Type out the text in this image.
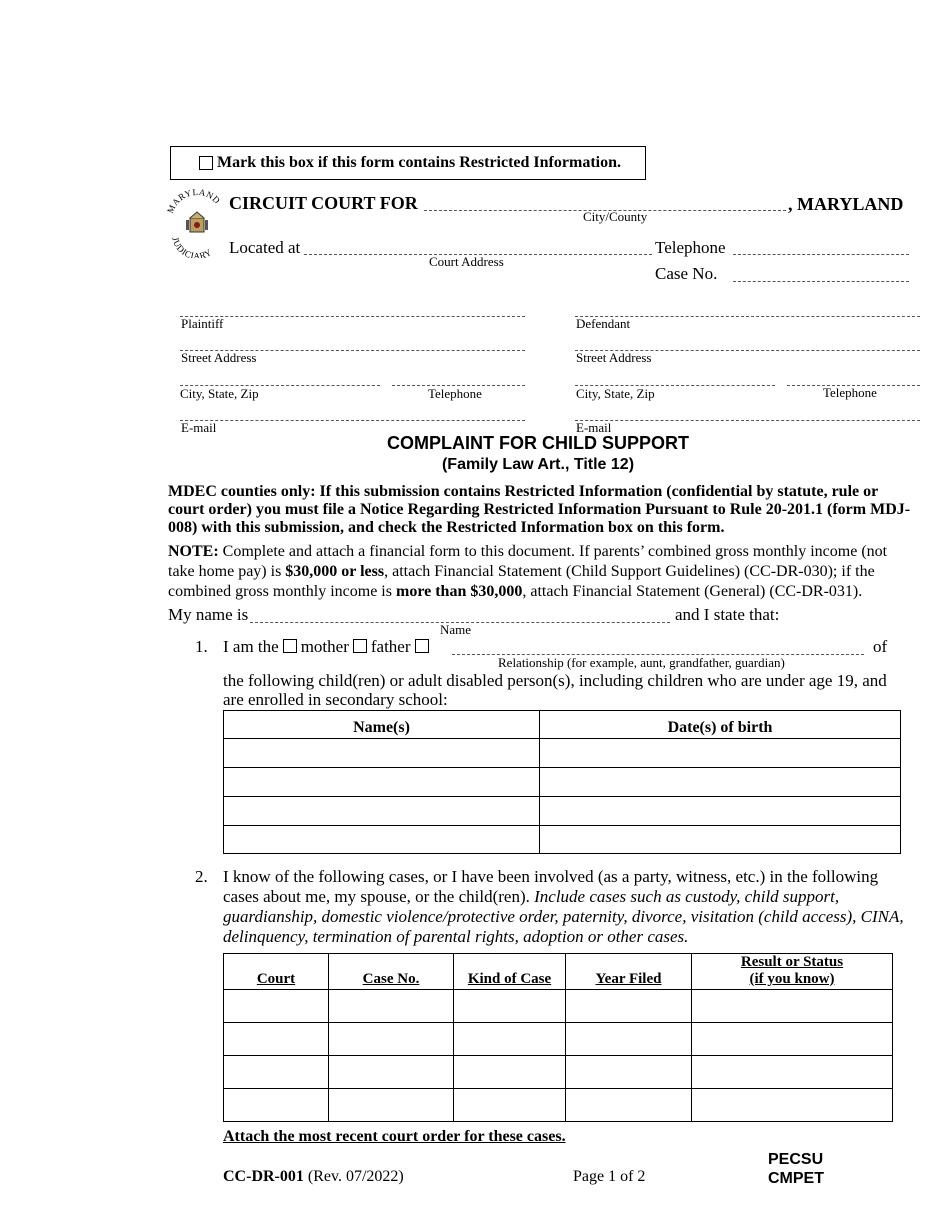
Mark this box if this form contains Restricted Information.
MARYLAND
JUDICIARY
CIRCUIT COURT FOR	, MARYLAND
City/County
Located at
Court Address
Telephone
Case No.
Plaintiff
Street Address
City, State, Zip	Telephone
E-mail
Defendant
Street Address
City, State, Zip	Telephone
E-mail
COMPLAINT FOR CHILD SUPPORT
(Family Law Art., Title 12)
MDEC counties only: If this submission contains Restricted Information (confidential by statute, rule or court order) you must file a Notice Regarding Restricted Information Pursuant to Rule 20-201.1 (form MDJ-008) with this submission, and check the Restricted Information box on this form.
NOTE: Complete and attach a financial form to this document. If parents’ combined gross monthly income (not take home pay) is $30,000 or less, attach Financial Statement (Child Support Guidelines) (CC-DR-030); if the combined gross monthly income is more than $30,000, attach Financial Statement (General) (CC-DR-031).
My name is
Name
and I state that:
1. I am the mother father	of
Relationship (for example, aunt, grandfather, guardian)
the following child(ren) or adult disabled person(s), including children who are under age 19, and are enrolled in secondary school:
Name(s)	Date(s) of birth

2. I know of the following cases, or I have been involved (as a party, witness, etc.) in the following cases about me, my spouse, or the child(ren). Include cases such as custody, child support, guardianship, domestic violence/protective order, paternity, divorce, visitation (child access), CINA, delinquency, termination of parental rights, adoption or other cases.
Court	Case No.	Kind of Case	Year Filed	Result or Status
(if you know)

Attach the most recent court order for these cases.
CC-DR-001 (Rev. 07/2022)	Page 1 of 2
PECSU
CMPET
